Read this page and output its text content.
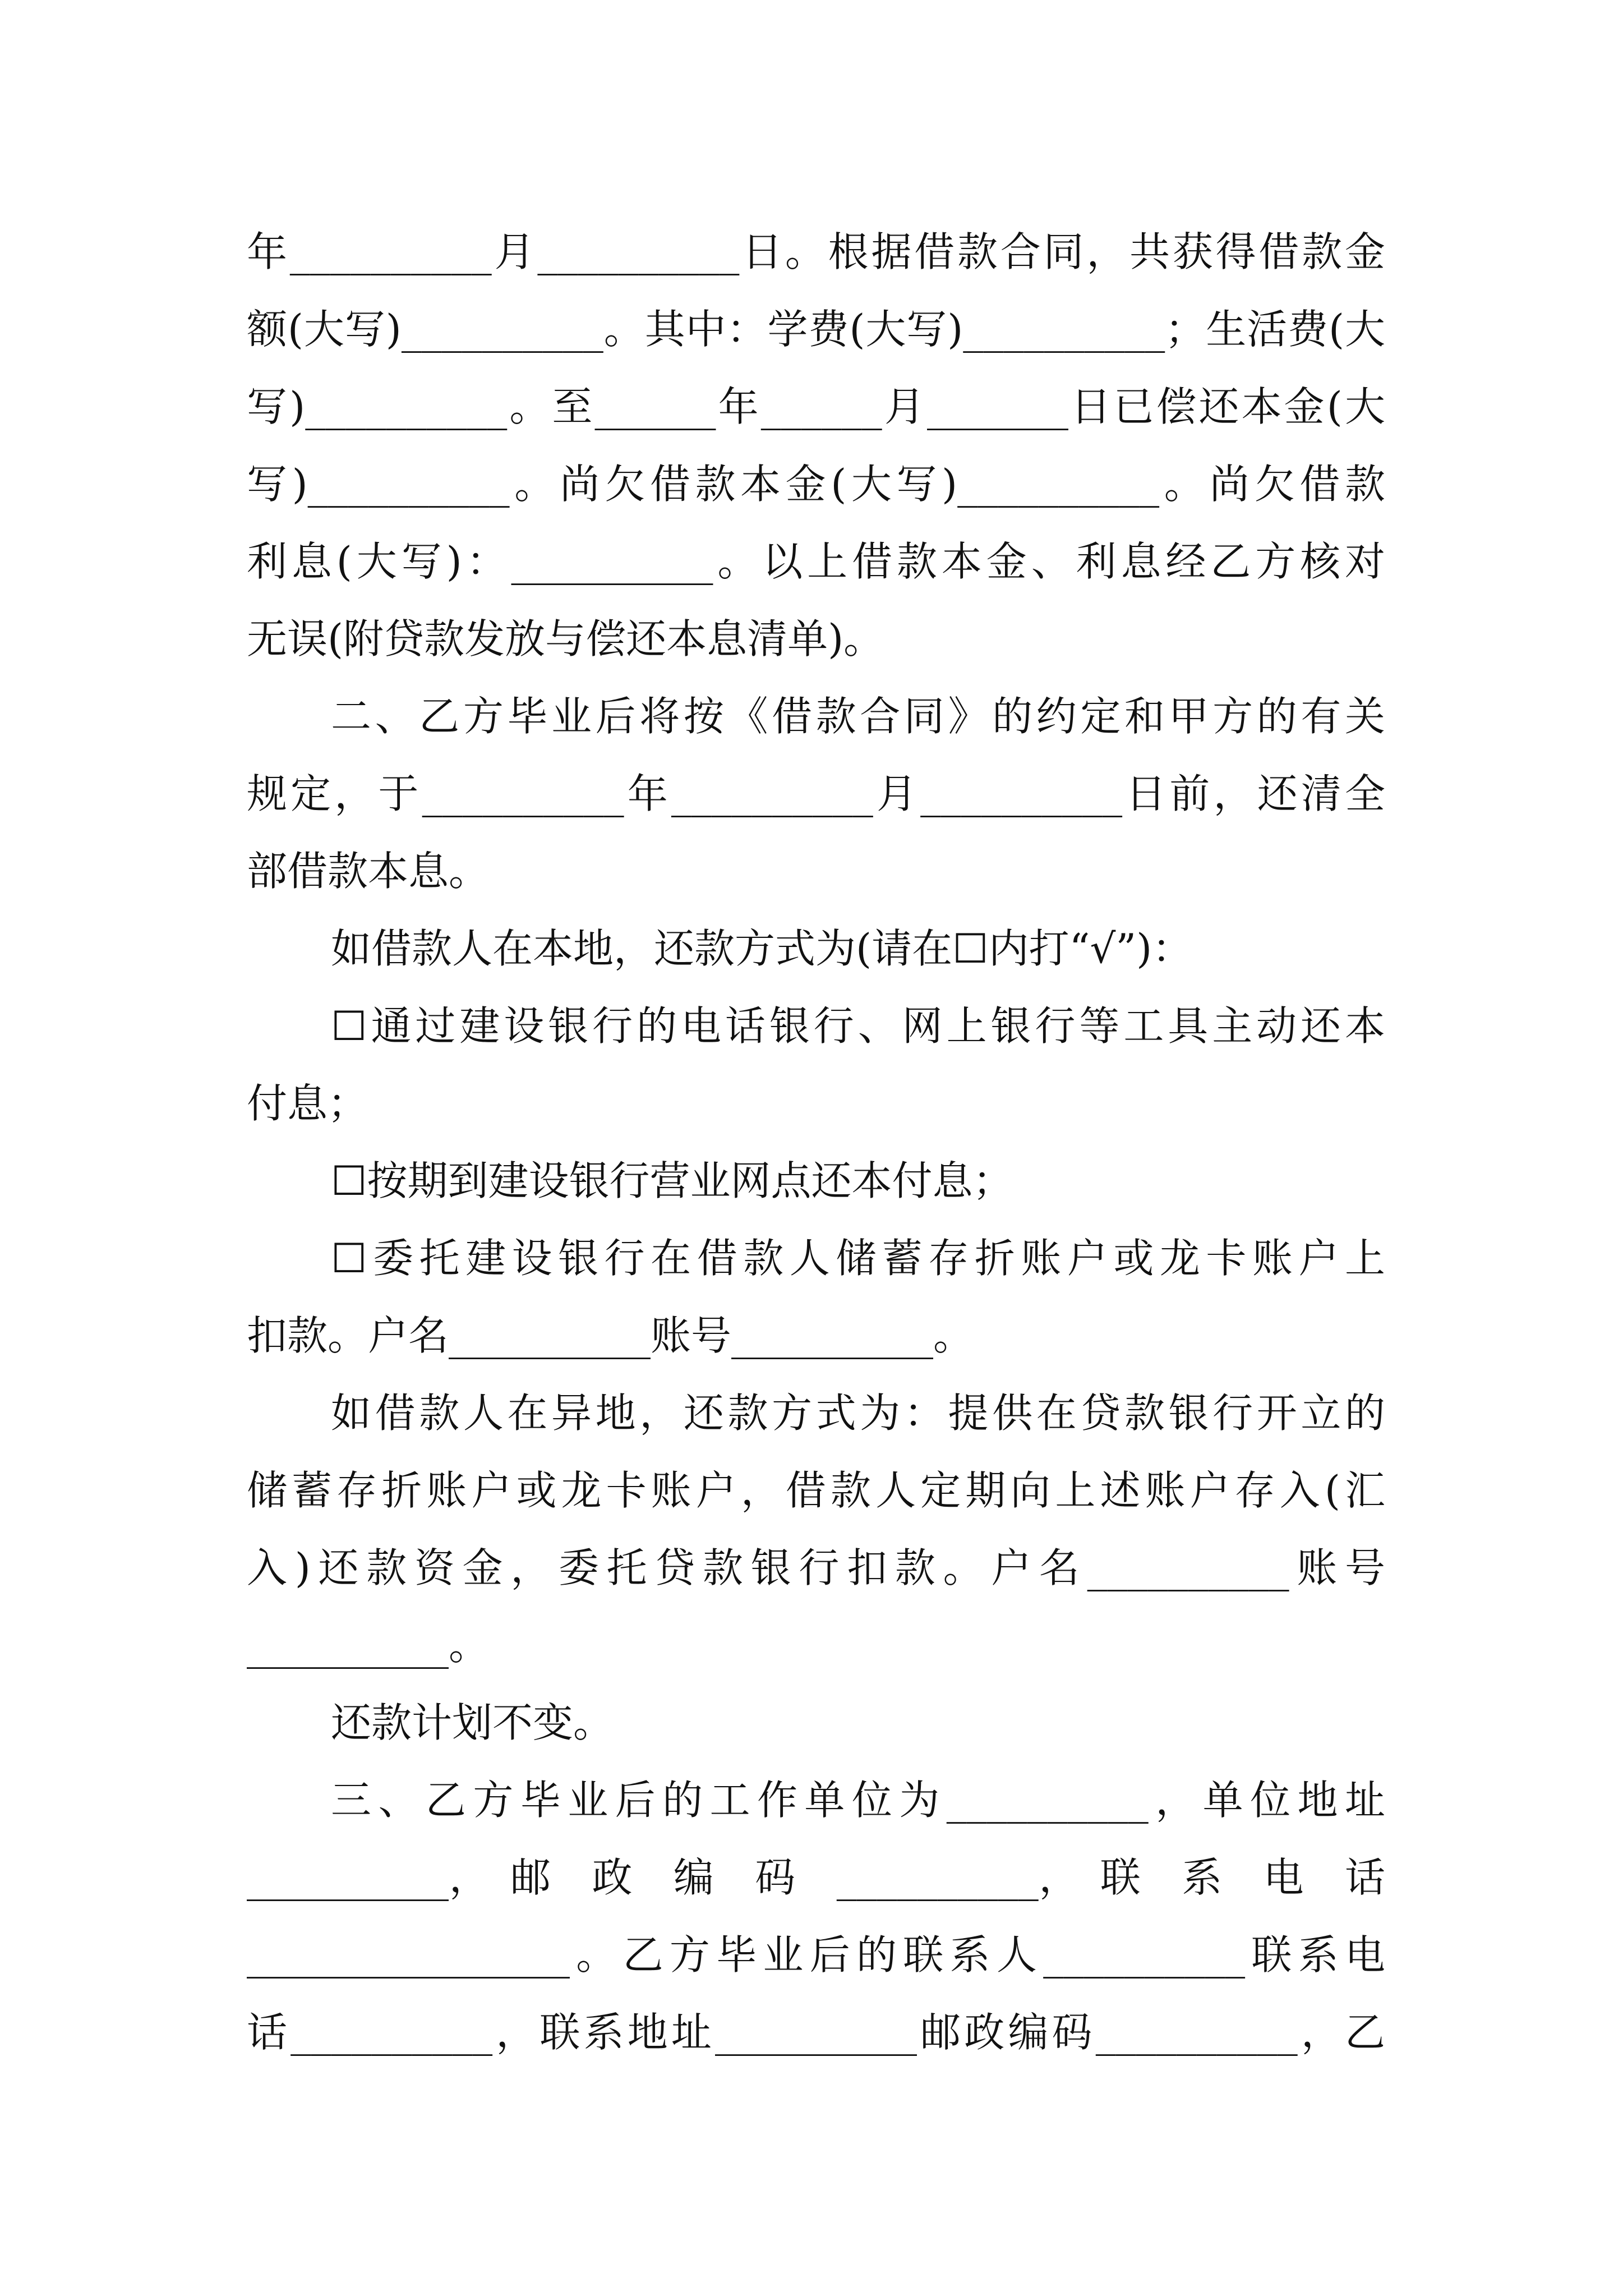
年__________月__________日。根据借款合同，共获得借款金
额(大写)__________。其中：学费(大写)__________；生活费(大
写)__________。至______年______月_______日已偿还本金(大
写)__________。尚欠借款本金(大写)__________。尚欠借款
利息(大写)：__________。以上借款本金、利息经乙方核对
无误(附贷款发放与偿还本息清单)。
二、乙方毕业后将按《借款合同》的约定和甲方的有关
规定，于__________年__________月__________日前，还清全
部借款本息。
如借款人在本地，还款方式为(请在☐内打“√”)：
☐通过建设银行的电话银行、网上银行等工具主动还本
付息；
☐按期到建设银行营业网点还本付息；
☐委托建设银行在借款人储蓄存折账户或龙卡账户上
扣款。户名__________账号__________。
如借款人在异地，还款方式为：提供在贷款银行开立的
储蓄存折账户或龙卡账户，借款人定期向上述账户存入(汇
入)还款资金，委托贷款银行扣款。户名__________账号
__________。
还款计划不变。
三、乙方毕业后的工作单位为__________，单位地址
__________，　邮　政　编　码　__________，　联　系　电　话
________________。乙方毕业后的联系人__________联系电
话__________，联系地址__________邮政编码__________，乙
